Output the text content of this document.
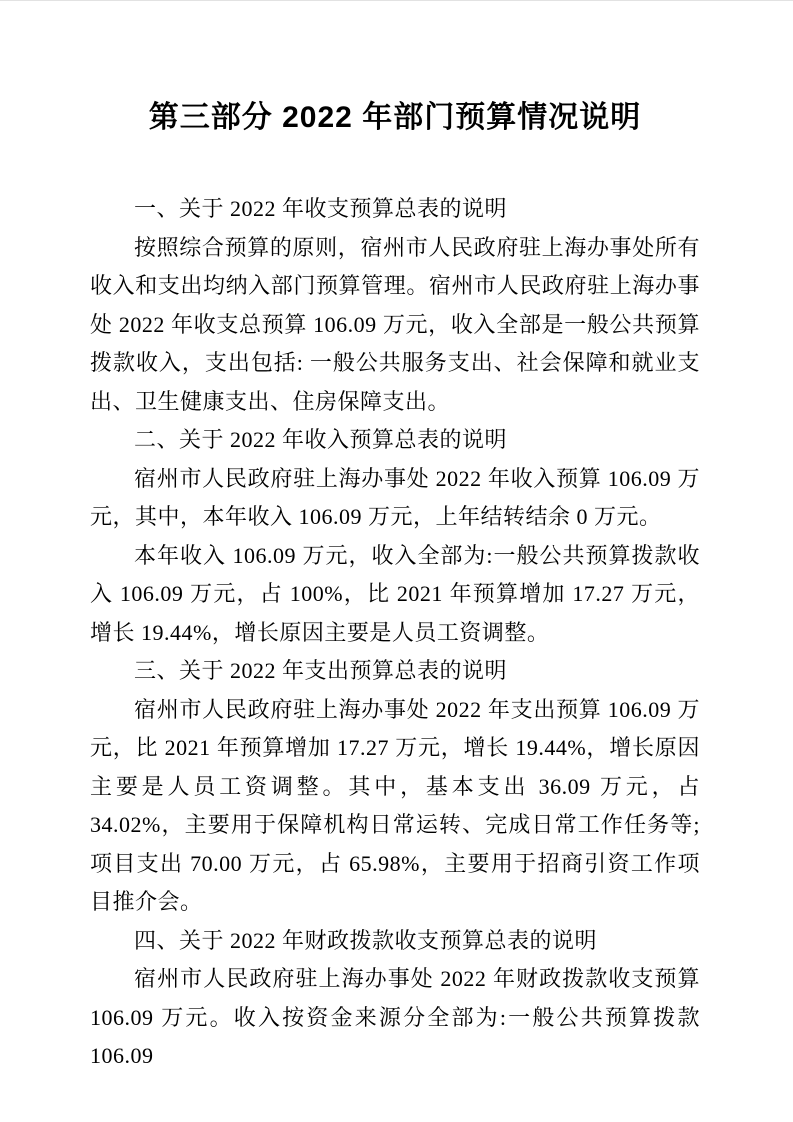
第三部分 2022 年部门预算情况说明

一、关于 2022 年收支预算总表的说明

按照综合预算的原则，宿州市人民政府驻上海办事处所有收入和支出均纳入部门预算管理。宿州市人民政府驻上海办事处 2022 年收支总预算 106.09 万元，收入全部是一般公共预算拨款收入，支出包括: 一般公共服务支出、社会保障和就业支出、卫生健康支出、住房保障支出。

二、关于 2022 年收入预算总表的说明

宿州市人民政府驻上海办事处 2022 年收入预算 106.09 万元，其中，本年收入 106.09 万元，上年结转结余 0 万元。

本年收入 106.09 万元，收入全部为:一般公共预算拨款收入 106.09 万元，占 100%，比 2021 年预算增加 17.27 万元，增长 19.44%，增长原因主要是人员工资调整。

三、关于 2022 年支出预算总表的说明

宿州市人民政府驻上海办事处 2022 年支出预算 106.09 万元，比 2021 年预算增加 17.27 万元，增长 19.44%，增长原因主要是人员工资调整。其中，基本支出 36.09 万元，占 34.02%，主要用于保障机构日常运转、完成日常工作任务等;项目支出 70.00 万元，占 65.98%，主要用于招商引资工作项目推介会。

四、关于 2022 年财政拨款收支预算总表的说明

宿州市人民政府驻上海办事处 2022 年财政拨款收支预算 106.09 万元。收入按资金来源分全部为:一般公共预算拨款 106.09
